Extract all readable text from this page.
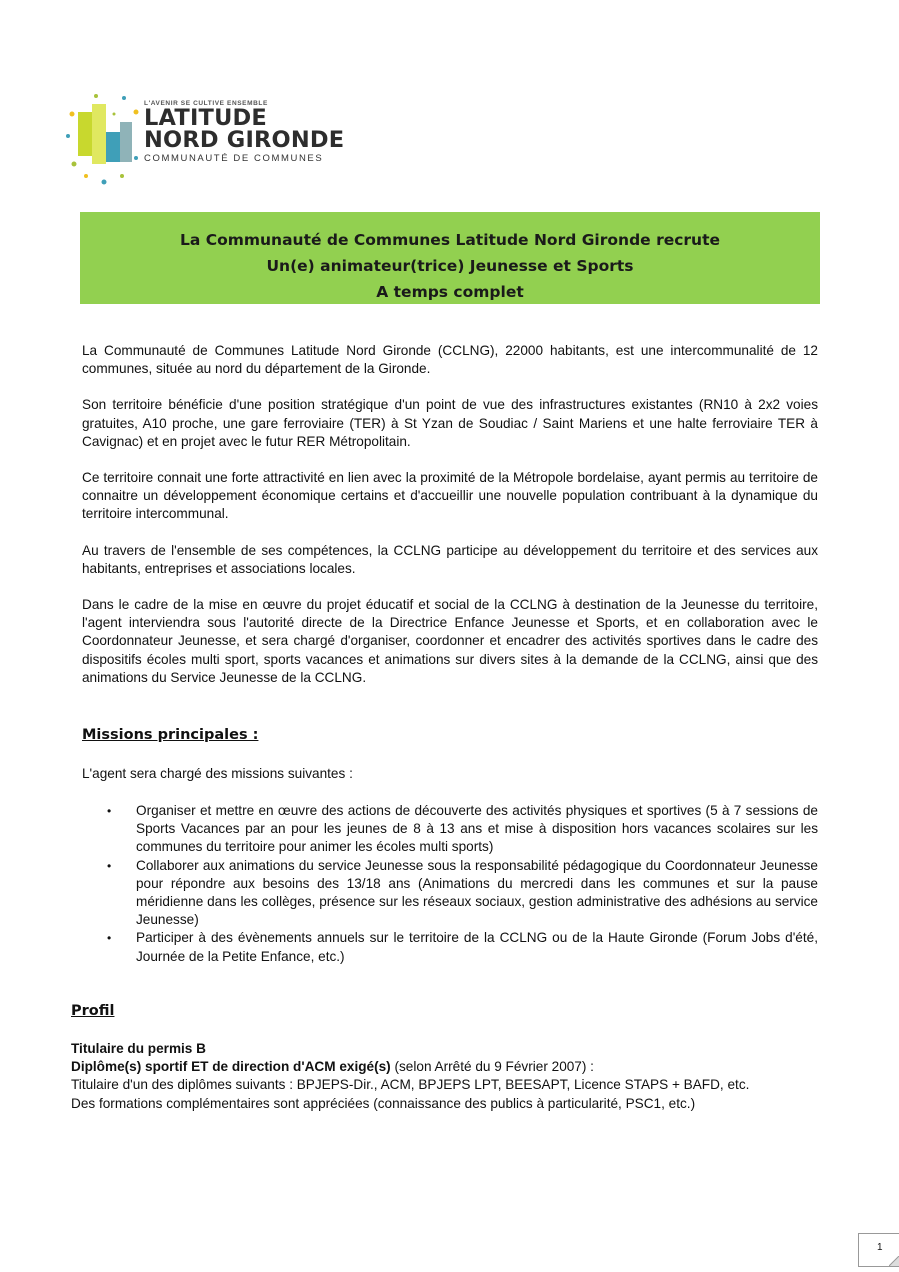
L'AVENIR SE CULTIVE ENSEMBLE
LATITUDE
NORD GIRONDE
COMMUNAUTÉ DE COMMUNES
La Communauté de Communes Latitude Nord Gironde recrute
Un(e) animateur(trice) Jeunesse et Sports
A temps complet

La Communauté de Communes Latitude Nord Gironde (CCLNG), 22000 habitants, est une intercommunalité de 12 communes, située au nord du département de la Gironde.

Son territoire bénéficie d'une position stratégique d'un point de vue des infrastructures existantes (RN10 à 2x2 voies gratuites, A10 proche, une gare ferroviaire (TER) à St Yzan de Soudiac / Saint Mariens et une halte ferroviaire TER à Cavignac) et en projet avec le futur RER Métropolitain.

Ce territoire connait une forte attractivité en lien avec la proximité de la Métropole bordelaise, ayant permis au territoire de connaitre un développement économique certains et d'accueillir une nouvelle population contribuant à la dynamique du territoire intercommunal.

Au travers de l'ensemble de ses compétences, la CCLNG participe au développement du territoire et des services aux habitants, entreprises et associations locales.

Dans le cadre de la mise en œuvre du projet éducatif et social de la CCLNG à destination de la Jeunesse du territoire, l'agent interviendra sous l'autorité directe de la Directrice Enfance Jeunesse et Sports, et en collaboration avec le Coordonnateur Jeunesse, et sera chargé d'organiser, coordonner et encadrer des activités sportives dans le cadre des dispositifs écoles multi sport, sports vacances et animations sur divers sites à la demande de la CCLNG, ainsi que des animations du Service Jeunesse de la CCLNG.

Missions principales :
L'agent sera chargé des missions suivantes :
• Organiser et mettre en œuvre des actions de découverte des activités physiques et sportives (5 à 7 sessions de Sports Vacances par an pour les jeunes de 8 à 13 ans et mise à disposition hors vacances scolaires sur les communes du territoire pour animer les écoles multi sports)
• Collaborer aux animations du service Jeunesse sous la responsabilité pédagogique du Coordonnateur Jeunesse pour répondre aux besoins des 13/18 ans (Animations du mercredi dans les communes et sur la pause méridienne dans les collèges, présence sur les réseaux sociaux, gestion administrative des adhésions au service Jeunesse)
• Participer à des évènements annuels sur le territoire de la CCLNG ou de la Haute Gironde (Forum Jobs d'été, Journée de la Petite Enfance, etc.)
Profil
Titulaire du permis B
Diplôme(s) sportif ET de direction d'ACM exigé(s) (selon Arrêté du 9 Février 2007) :
Titulaire d'un des diplômes suivants : BPJEPS-Dir., ACM, BPJEPS LPT, BEESAPT, Licence STAPS + BAFD, etc.
Des formations complémentaires sont appréciées (connaissance des publics à particularité, PSC1, etc.)
1
